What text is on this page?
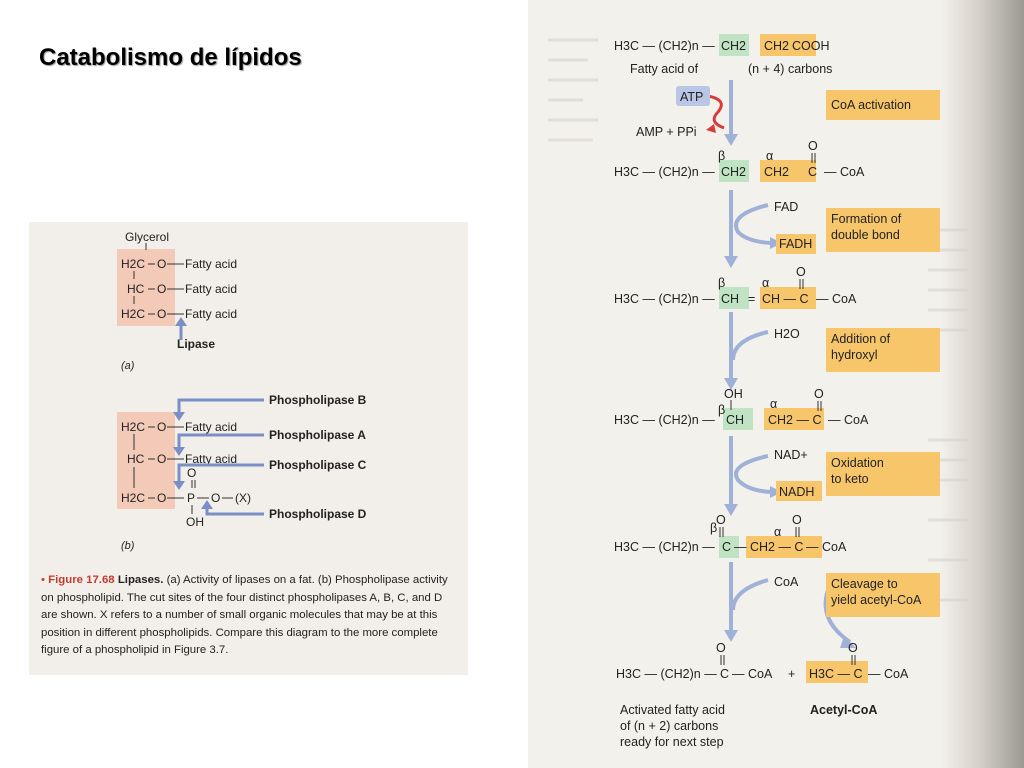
Catabolismo de lípidos
Glycerol
H2C O Fatty acid
HC O Fatty acid
H2C O Fatty acid
Lipase
(a)
H2C O Fatty acid
HC O Fatty acid
H2C O
O
P O (X)
OH
Phospholipase B
Phospholipase A
Phospholipase C
Phospholipase D
(b)
• Figure 17.68 Lipases. (a) Activity of lipases on a fat. (b) Phospholipase activity on phospholipid. The cut sites of the four distinct phospholipases A, B, C, and D are shown. X refers to a number of small organic molecules that may be at this position in different phospholipids. Compare this diagram to the more complete figure of a phospholipid in Figure 3.7.
H3C — (CH2)n — CH2 CH2 COOH
Fatty acid of	(n + 4) carbons
ATP
AMP + PPi
CoA activation
β	α
O
H3C — (CH2)n — CH2 CH2 C — CoA
FAD
FADH
Formation of
double bond
β	α
O
H3C — (CH2)n — CH = CH — C — CoA
H2O	Addition of
hydroxyl
OH
β	α
O
H3C — (CH2)n — CH CH2 — C — CoA
NAD+
NADH
Oxidation
to keto
β
O
α
O
H3C — (CH2)n — C — CH2 — C — CoA
CoA	Cleavage to
yield acetyl-CoA
O	O
H3C — (CH2)n — C — CoA + H3C — C — CoA
Activated fatty acid
of (n + 2) carbons
ready for next step
Acetyl-CoA
